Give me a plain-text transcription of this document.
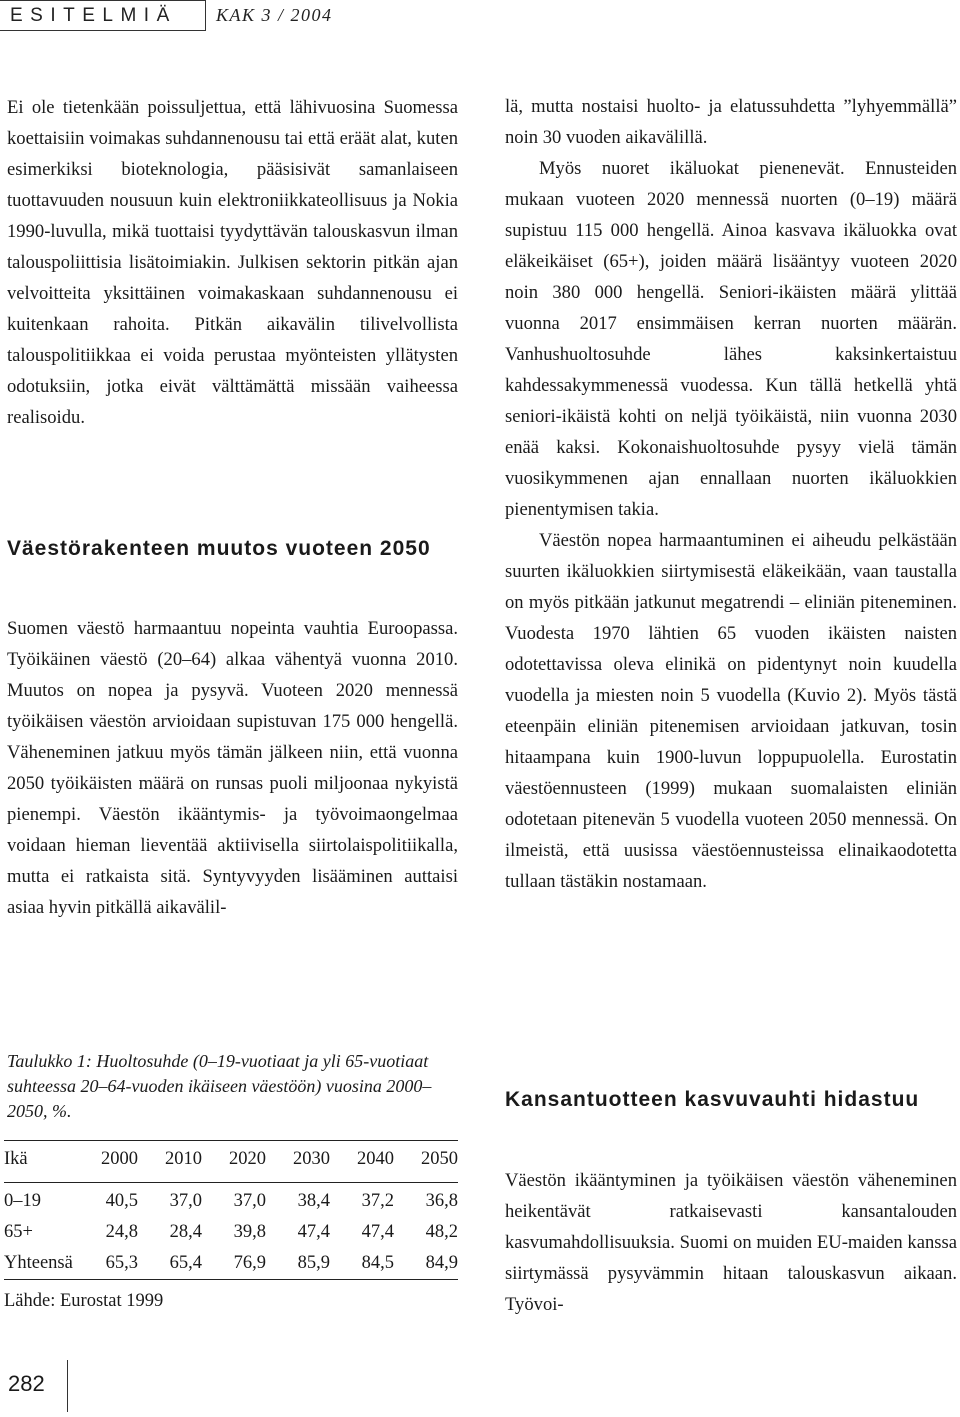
ESITELMIÄ KAK 3 / 2004

Ei ole tietenkään poissuljettua, että lähivuosina Suomessa koettaisiin voimakas suhdannenousu tai että eräät alat, kuten esimerkiksi bioteknologia, pääsisivät samanlaiseen tuottavuuden nousuun kuin elektroniikkateollisuus ja Nokia 1990-luvulla, mikä tuottaisi tyydyttävän talouskasvun ilman talouspoliittisia lisätoimiakin. Julkisen sektorin pitkän ajan velvoitteita yksittäinen voimakaskaan suhdannenousu ei kuitenkaan rahoita. Pitkän aikavälin tilivelvollista talouspolitiikkaa ei voida perustaa myönteisten yllätysten odotuksiin, jotka eivät välttämättä missään vaiheessa realisoidu.

Väestörakenteen muutos vuoteen 2050

Suomen väestö harmaantuu nopeinta vauhtia Euroopassa. Työikäinen väestö (20–64) alkaa vähentyä vuonna 2010. Muutos on nopea ja pysyvä. Vuoteen 2020 mennessä työikäisen väestön arvioidaan supistuvan 175 000 hengellä. Väheneminen jatkuu myös tämän jälkeen niin, että vuonna 2050 työikäisten määrä on runsas puoli miljoonaa nykyistä pienempi. Väestön ikääntymis- ja työvoimaongelmaa voidaan hieman lieventää aktiivisella siirtolaispolitiikalla, mutta ei ratkaista sitä. Syntyvyyden lisääminen auttaisi asiaa hyvin pitkällä aikavälil-

Taulukko 1: Huoltosuhde (0–19-vuotiaat ja yli 65-vuotiaat suhteessa 20–64-vuoden ikäiseen väestöön) vuosina 2000–2050, %.

Ikä	2000	2010	2020	2030	2040	2050
0–19	40,5	37,0	37,0	38,4	37,2	36,8
65+	24,8	28,4	39,8	47,4	47,4	48,2
Yhteensä	65,3	65,4	76,9	85,9	84,5	84,9

Lähde: Eurostat 1999

lä, mutta nostaisi huolto- ja elatussuhdetta ”lyhyemmällä” noin 30 vuoden aikavälillä.

Myös nuoret ikäluokat pienenevät. Ennusteiden mukaan vuoteen 2020 mennessä nuorten (0–19) määrä supistuu 115 000 hengellä. Ainoa kasvava ikäluokka ovat eläkeikäiset (65+), joiden määrä lisääntyy vuoteen 2020 noin 380 000 hengellä. Seniori-ikäisten määrä ylittää vuonna 2017 ensimmäisen kerran nuorten määrän. Vanhushuoltosuhde lähes kaksinkertaistuu kahdessakymmenessä vuodessa. Kun tällä hetkellä yhtä seniori-ikäistä kohti on neljä työikäistä, niin vuonna 2030 enää kaksi. Kokonaishuoltosuhde pysyy vielä tämän vuosikymmenen ajan ennallaan nuorten ikäluokkien pienentymisen takia.

Väestön nopea harmaantuminen ei aiheudu pelkästään suurten ikäluokkien siirtymisestä eläkeikään, vaan taustalla on myös pitkään jatkunut megatrendi – eliniän piteneminen. Vuodesta 1970 lähtien 65 vuoden ikäisten naisten odotettavissa oleva elinikä on pidentynyt noin kuudella vuodella ja miesten noin 5 vuodella (Kuvio 2). Myös tästä eteenpäin eliniän pitenemisen arvioidaan jatkuvan, tosin hitaampana kuin 1900-luvun loppupuolella. Eurostatin väestöennusteen (1999) mukaan suomalaisten eliniän odotetaan pitenevän 5 vuodella vuoteen 2050 mennessä. On ilmeistä, että uusissa väestöennusteissa elinaikaodotetta tullaan tästäkin nostamaan.

Kansantuotteen kasvuvauhti hidastuu

Väestön ikääntyminen ja työikäisen väestön väheneminen heikentävät ratkaisevasti kansantalouden kasvumahdollisuuksia. Suomi on muiden EU-maiden kanssa siirtymässä pysyvämmin hitaan talouskasvun aikaan. Työvoi-

282
